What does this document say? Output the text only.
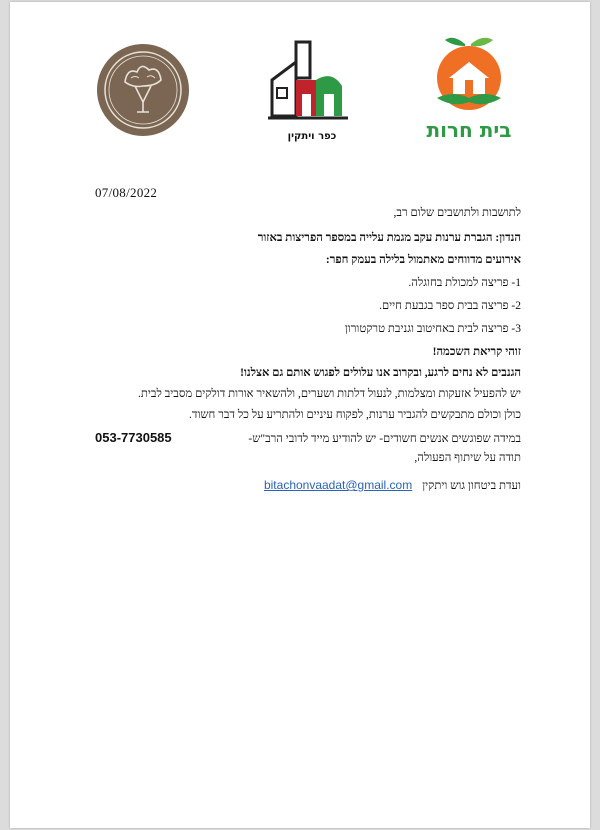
כפר ויתקין	בית חרות
07/08/2022

לתושבות ולתושבים שלום רב,

הנדון: הגברת ערנות עקב מגמת עלייה במספר הפריצות באזור

אירועים מדווחים מאתמול בלילה בעמק חפר:

1- פריצה למכולת בחוגלה.

2- פריצה בבית ספר בגבעת חיים.

3- פריצה לבית באחיטוב וגניבת טרקטורון

זוהי קריאת השכמה!

הגנבים לא נחים לרגע, ובקרוב אנו עלולים לפגוש אותם גם אצלנו!

יש להפעיל אזעקות ומצלמות, לנעול דלתות ושערים, ולהשאיר אורות דולקים מסביב לבית.

כולן וכולם מתבקשים להגביר ערנות, לפקוח עיניים ולהתריע על כל דבר חשוד.

במידה שפוגשים אנשים חשודים- יש להודיע מייד לדובי הרב"ש-
053-7730585

תודה על שיתוף הפעולה,

ועדת ביטחון גוש ויתקין
bitachonvaadat@gmail.com
